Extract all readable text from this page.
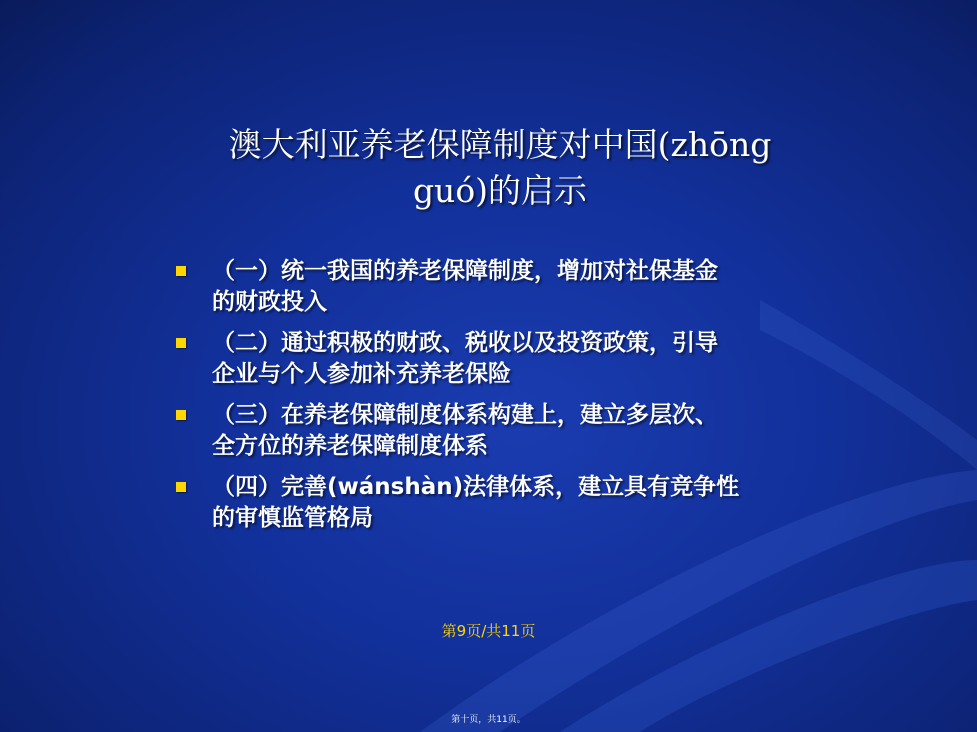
澳大利亚养老保障制度对中国(zhōng
guó)的启示
（一）统一我国的养老保障制度，增加对社保基金
的财政投入
（二）通过积极的财政、税收以及投资政策，引导
企业与个人参加补充养老保险
（三）在养老保障制度体系构建上，建立多层次、
全方位的养老保障制度体系
（四）完善(wánshàn)法律体系，建立具有竞争性
的审慎监管格局
第9页/共11页
第十页，共11页。
